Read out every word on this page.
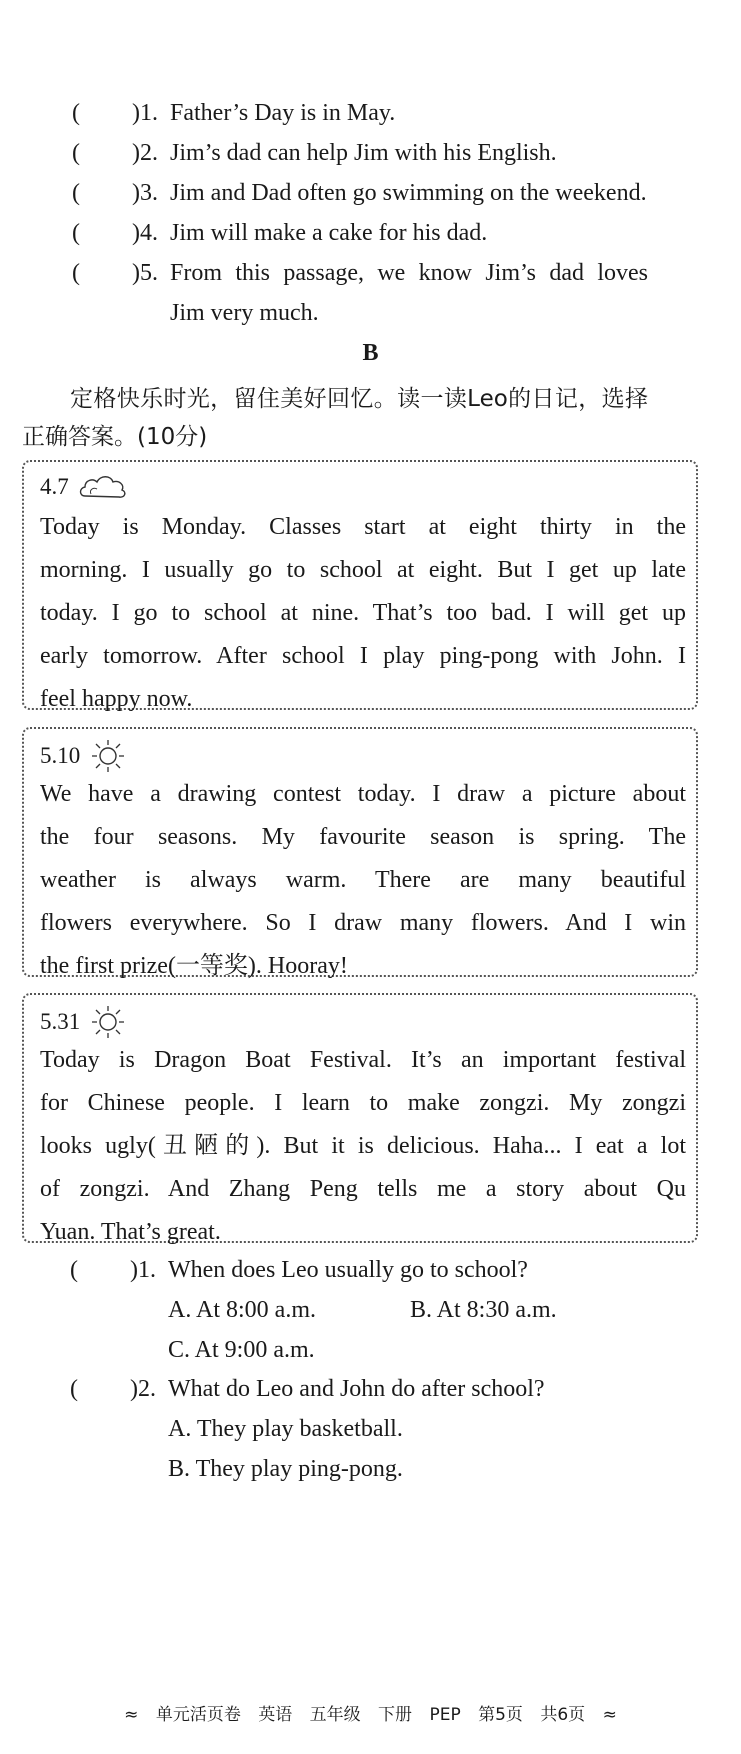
( )1. Father’s Day is in May.
( )2. Jim’s dad can help Jim with his English.
( )3. Jim and Dad often go swimming on the weekend.
( )4. Jim will make a cake for his dad.
( )5. From this passage, we know Jim’s dad loves
Jim very much.
B
定格快乐时光，留住美好回忆。读一读Leo的日记，选择
正确答案。(10分)
4.7
Today is Monday. Classes start at eight thirty in the
morning. I usually go to school at eight. But I get up late
today. I go to school at nine. That’s too bad. I will get up
early tomorrow. After school I play ping-pong with John. I
feel happy now.
5.10
We have a drawing contest today. I draw a picture about
the four seasons. My favourite season is spring. The
weather is always warm. There are many beautiful
flowers everywhere. So I draw many flowers. And I win
the first prize(一等奖). Hooray!
5.31
Today is Dragon Boat Festival. It’s an important festival
for Chinese people. I learn to make zongzi. My zongzi
looks ugly(丑陋的). But it is delicious. Haha... I eat a lot
of zongzi. And Zhang Peng tells me a story about Qu
Yuan. That’s great.
( )1. When does Leo usually go to school?
A. At 8:00 a.m.	B. At 8:30 a.m.
C. At 9:00 a.m.
( )2. What do Leo and John do after school?
A. They play basketball.
B. They play ping-pong.
≈ 单元活页卷 英语 五年级 下册 PEP 第5页 共6页 ≈
